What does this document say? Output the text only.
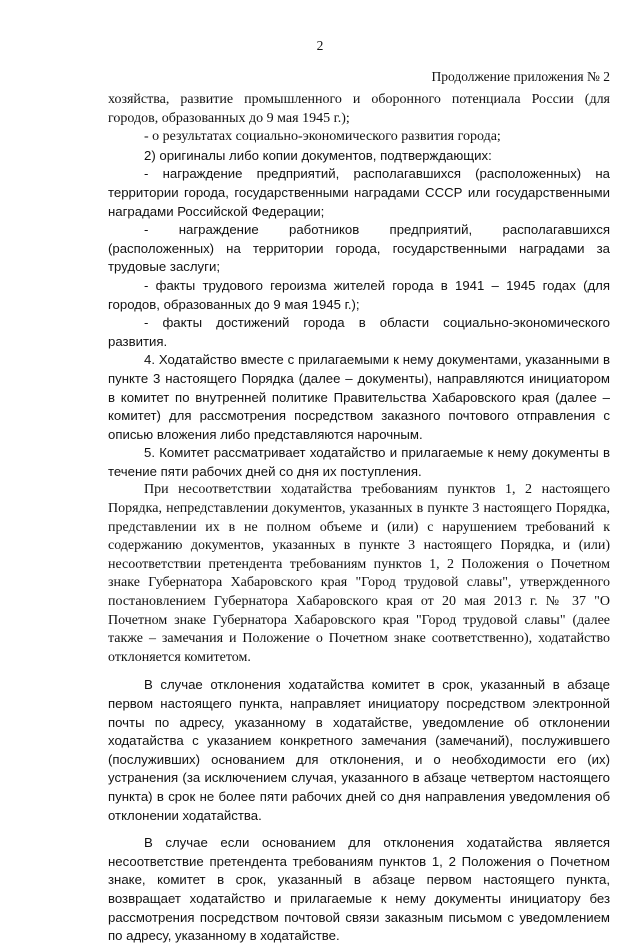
2
Продолжение приложения № 2

хозяйства, развитие промышленного и оборонного потенциала России (для городов, образованных до 9 мая 1945 г.);

- о результатах социально-экономического развития города;

2) оригиналы либо копии документов, подтверждающих:

- награждение предприятий, располагавшихся (расположенных) на территории города, государственными наградами СССР или государственными наградами Российской Федерации;

- награждение работников предприятий, располагавшихся (расположенных) на территории города, государственными наградами за трудовые заслуги;

- факты трудового героизма жителей города в 1941 – 1945 годах (для городов, образованных до 9 мая 1945 г.);

- факты достижений города в области социально-экономического развития.

4. Ходатайство вместе с прилагаемыми к нему документами, указанными в пункте 3 настоящего Порядка (далее – документы), направляются инициатором в комитет по внутренней политике Правительства Хабаровского края (далее – комитет) для рассмотрения посредством заказного почтового отправления с описью вложения либо представляются нарочным.

5. Комитет рассматривает ходатайство и прилагаемые к нему документы в течение пяти рабочих дней со дня их поступления.

При несоответствии ходатайства требованиям пунктов 1, 2 настоящего Порядка, непредставлении документов, указанных в пункте 3 настоящего Порядка, представлении их в не полном объеме и (или) с нарушением требований к содержанию документов, указанных в пункте 3 настоящего Порядка, и (или) несоответствии претендента требованиям пунктов 1, 2 Положения о Почетном знаке Губернатора Хабаровского края "Город трудовой славы", утвержденного постановлением Губернатора Хабаровского края от 20 мая 2013 г. № 37 "О Почетном знаке Губернатора Хабаровского края "Город трудовой славы" (далее также – замечания и Положение о Почетном знаке соответственно), ходатайство отклоняется комитетом.

В случае отклонения ходатайства комитет в срок, указанный в абзаце первом настоящего пункта, направляет инициатору посредством электронной почты по адресу, указанному в ходатайстве, уведомление об отклонении ходатайства с указанием конкретного замечания (замечаний), послужившего (послуживших) основанием для отклонения, и о необходимости его (их) устранения (за исключением случая, указанного в абзаце четвертом настоящего пункта) в срок не более пяти рабочих дней со дня направления уведомления об отклонении ходатайства.

В случае если основанием для отклонения ходатайства является несоответствие претендента требованиям пунктов 1, 2 Положения о Почетном знаке, комитет в срок, указанный в абзаце первом настоящего пункта, возвращает ходатайство и прилагаемые к нему документы инициатору без рассмотрения посредством почтовой связи заказным письмом с уведомлением по адресу, указанному в ходатайстве.
